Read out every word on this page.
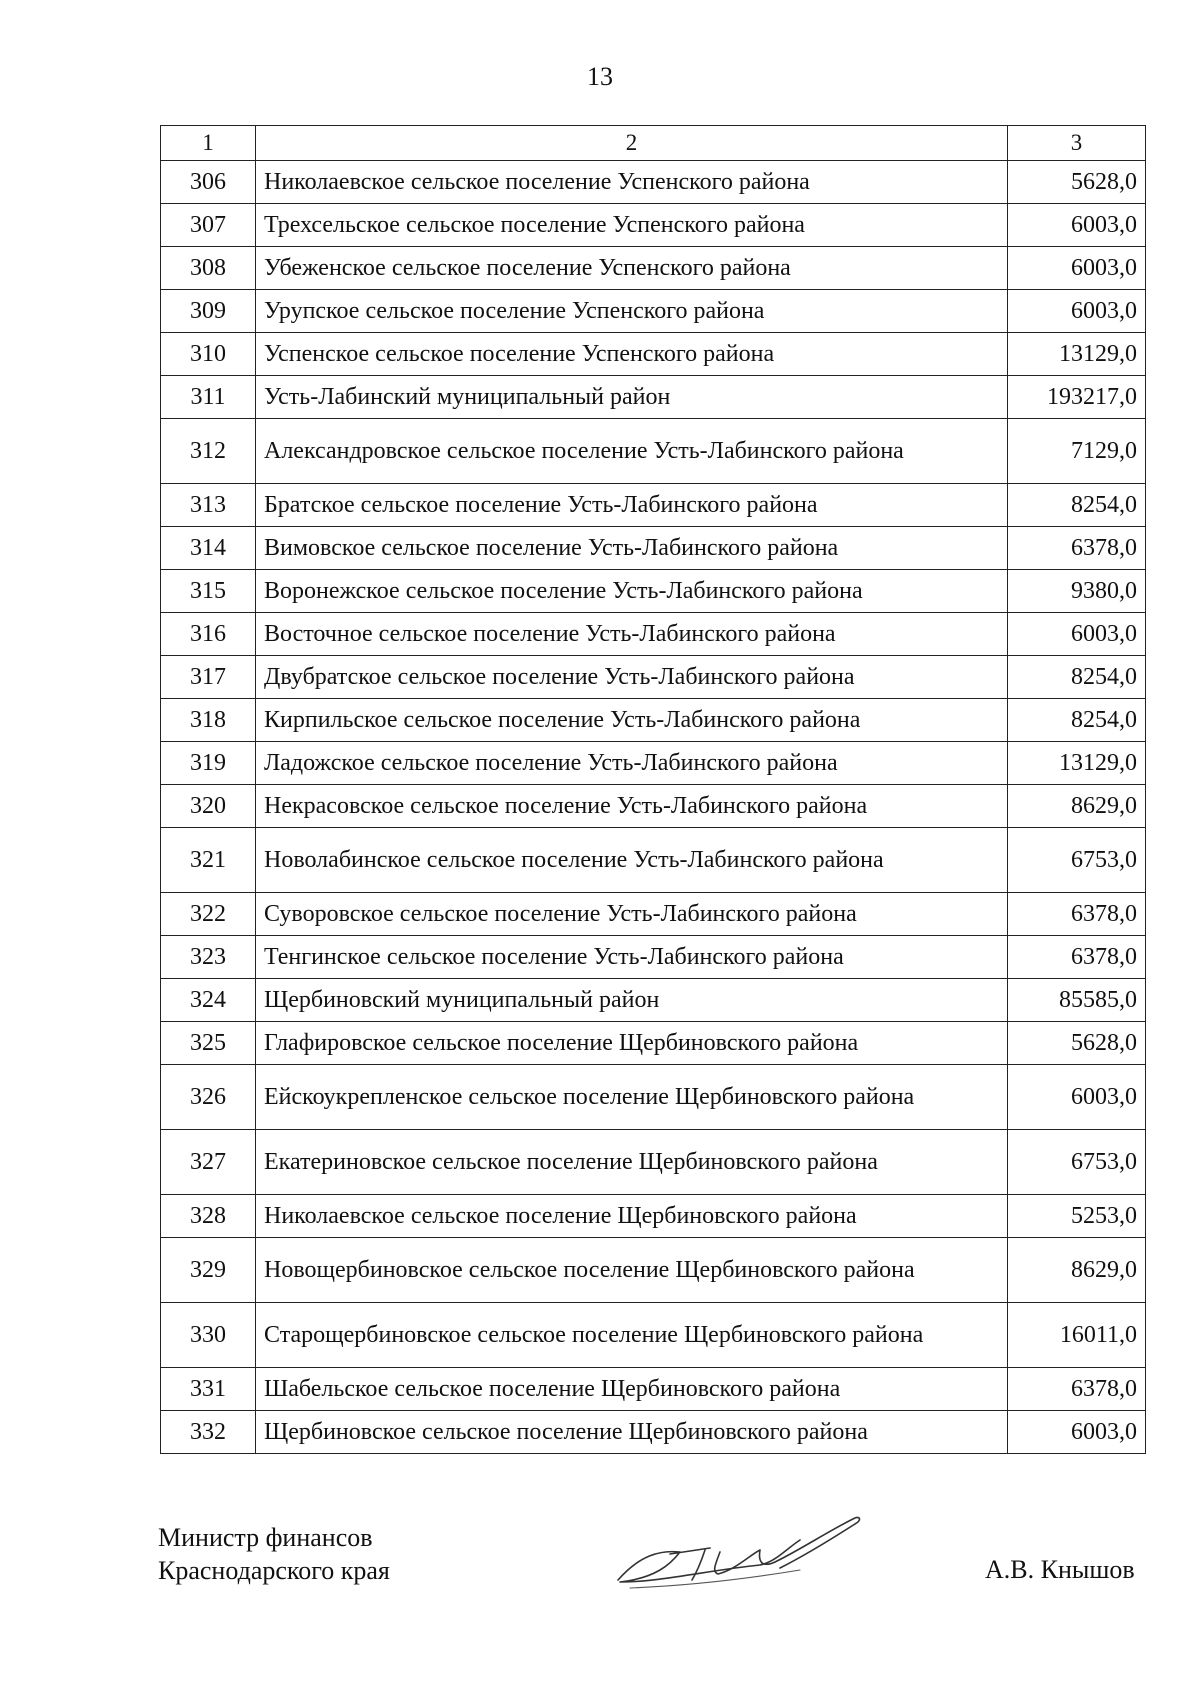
13
1	2	3
306	Николаевское сельское поселение Успенского района	5628,0
307	Трехсельское сельское поселение Успенского района	6003,0
308	Убеженское сельское поселение Успенского района	6003,0
309	Урупское сельское поселение Успенского района	6003,0
310	Успенское сельское поселение Успенского района	13129,0
311	Усть-Лабинский муниципальный район	193217,0
312	Александровское сельское поселение Усть-Лабинского района	7129,0
313	Братское сельское поселение Усть-Лабинского района	8254,0
314	Вимовское сельское поселение Усть-Лабинского района	6378,0
315	Воронежское сельское поселение Усть-Лабинского района	9380,0
316	Восточное сельское поселение Усть-Лабинского района	6003,0
317	Двубратское сельское поселение Усть-Лабинского района	8254,0
318	Кирпильское сельское поселение Усть-Лабинского района	8254,0
319	Ладожское сельское поселение Усть-Лабинского района	13129,0
320	Некрасовское сельское поселение Усть-Лабинского района	8629,0
321	Новолабинское сельское поселение Усть-Лабинского района	6753,0
322	Суворовское сельское поселение Усть-Лабинского района	6378,0
323	Тенгинское сельское поселение Усть-Лабинского района	6378,0
324	Щербиновский муниципальный район	85585,0
325	Глафировское сельское поселение Щербиновского района	5628,0
326	Ейскоукрепленское сельское поселение Щербиновского района	6003,0
327	Екатериновское сельское поселение Щербиновского района	6753,0
328	Николаевское сельское поселение Щербиновского района	5253,0
329	Новощербиновское сельское поселение Щербиновского района	8629,0
330	Старощербиновское сельское поселение Щербиновского района	16011,0
331	Шабельское сельское поселение Щербиновского района	6378,0
332	Щербиновское сельское поселение Щербиновского района	6003,0
Министр финансов
Краснодарского края	А.В. Кнышов
